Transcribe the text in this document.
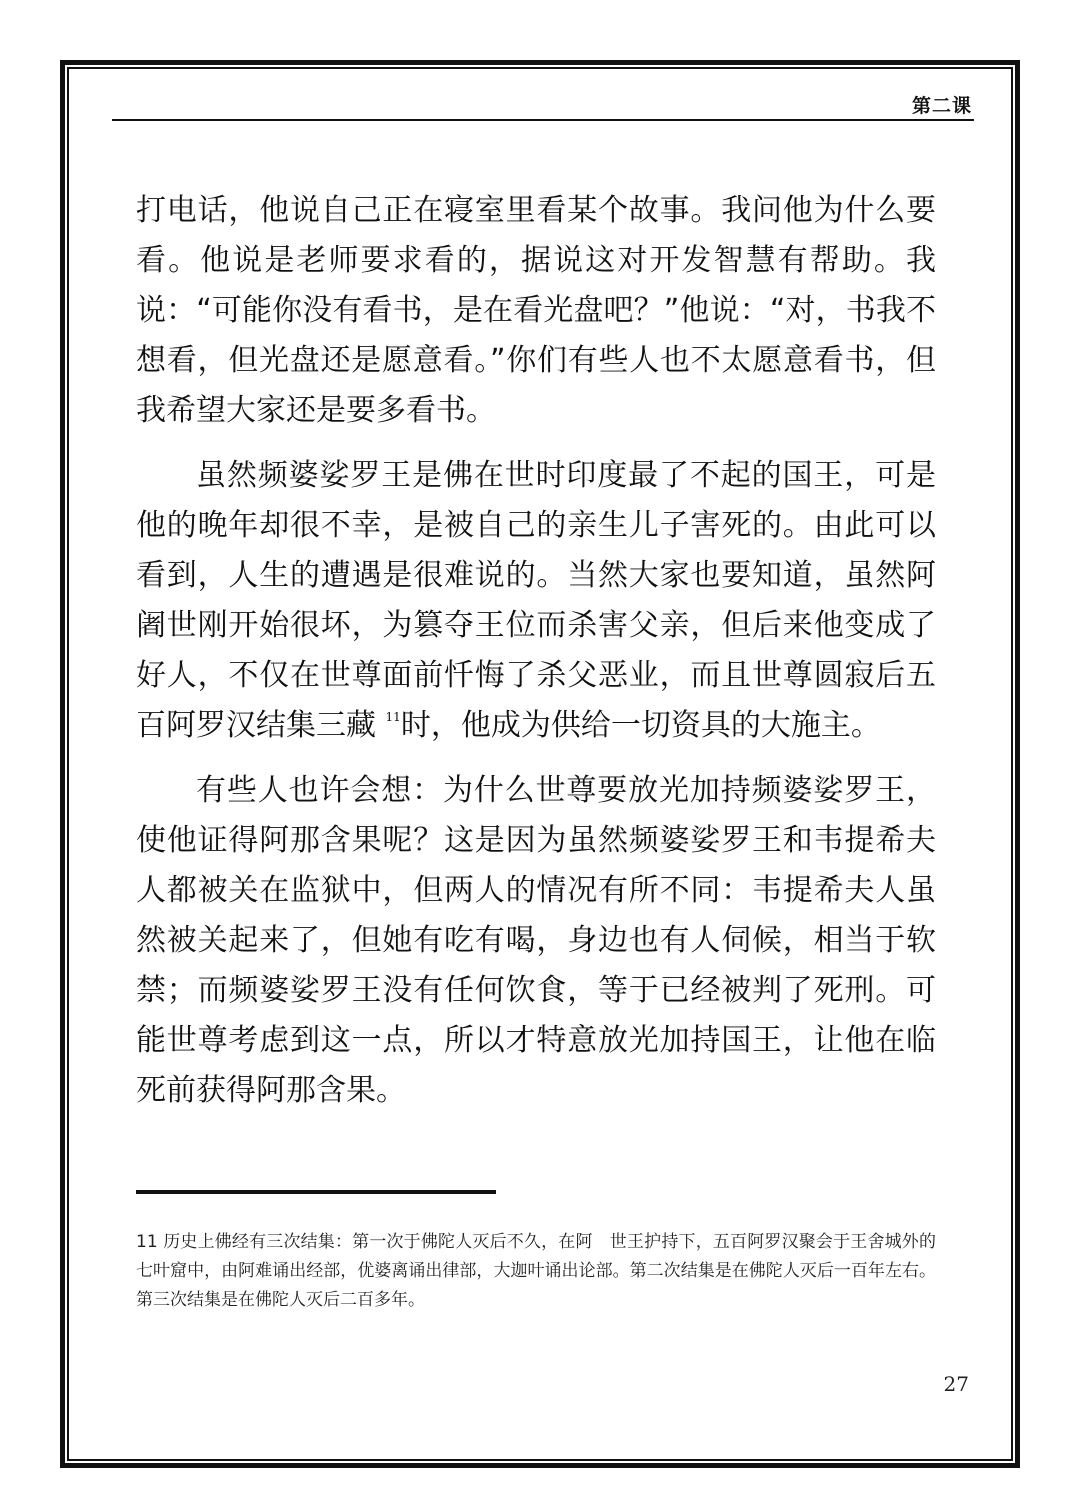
第二课

打电话，他说自己正在寝室里看某个故事。我问他为什么要看。他说是老师要求看的，据说这对开发智慧有帮助。我说：“可能你没有看书，是在看光盘吧？”他说：“对，书我不想看，但光盘还是愿意看。”你们有些人也不太愿意看书，但我希望大家还是要多看书。

虽然频婆娑罗王是佛在世时印度最了不起的国王，可是他的晚年却很不幸，是被自己的亲生儿子害死的。由此可以看到，人生的遭遇是很难说的。当然大家也要知道，虽然阿阇世刚开始很坏，为篡夺王位而杀害父亲，但后来他变成了好人，不仅在世尊面前忏悔了杀父恶业，而且世尊圆寂后五百阿罗汉结集三藏 $^{11}$时，他成为供给一切资具的大施主。

有些人也许会想：为什么世尊要放光加持频婆娑罗王，使他证得阿那含果呢？这是因为虽然频婆娑罗王和韦提希夫人都被关在监狱中，但两人的情况有所不同：韦提希夫人虽然被关起来了，但她有吃有喝，身边也有人伺候，相当于软禁；而频婆娑罗王没有任何饮食，等于已经被判了死刑。可能世尊考虑到这一点，所以才特意放光加持国王，让他在临死前获得阿那含果。

11 历史上佛经有三次结集：第一次于佛陀人灭后不久，在阿　世王护持下，五百阿罗汉聚会于王舍城外的七叶窟中，由阿难诵出经部，优婆离诵出律部，大迦叶诵出论部。第二次结集是在佛陀人灭后一百年左右。第三次结集是在佛陀人灭后二百多年。
27
